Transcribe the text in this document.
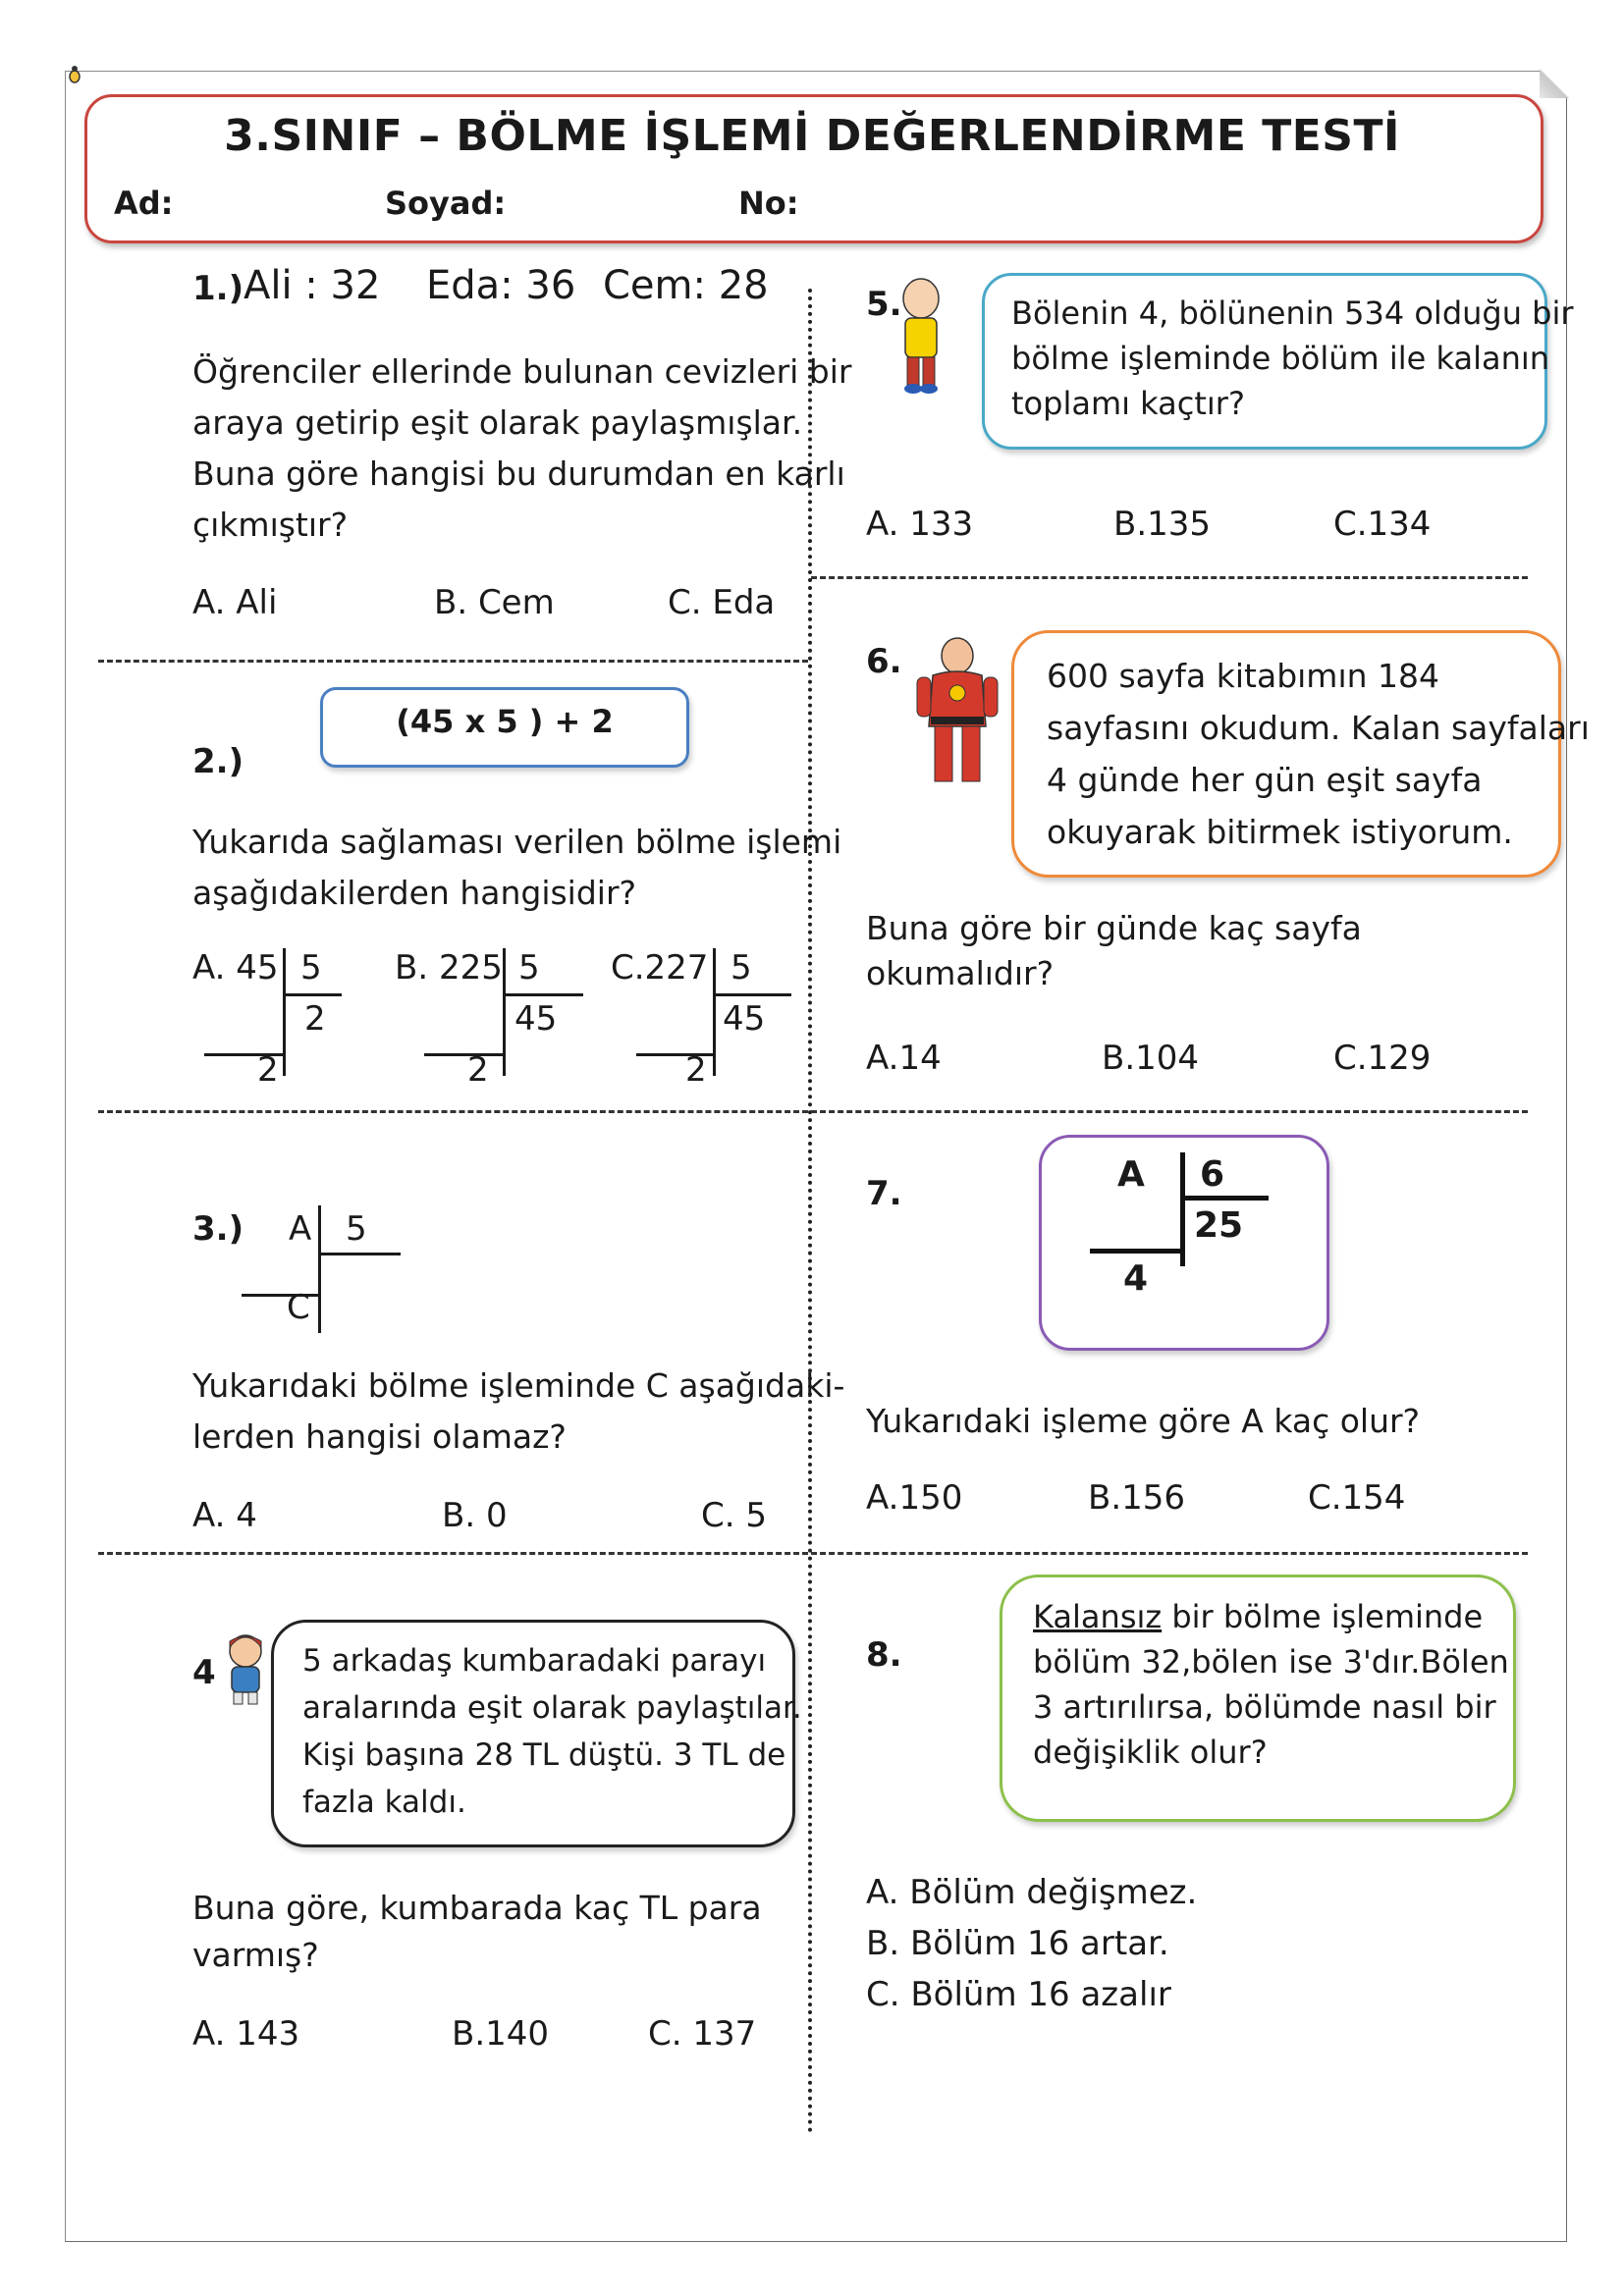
3.SINIF – BÖLME İŞLEMİ DEĞERLENDİRME TESTİ
Ad:	Soyad:	No:
1.) Ali : 32 Eda: 36 Cem: 28
Öğrenciler ellerinde bulunan cevizleri bir
araya getirip eşit olarak paylaşmışlar.
Buna göre hangisi bu durumdan en karlı
çıkmıştır?
A. Ali	B. Cem	C. Eda
2.)
(45 x 5 ) + 2
Yukarıda sağlaması verilen bölme işlemi
aşağıdakilerden hangisidir?
A. 45 5
2
2
B. 225 5
45
2
C.227 5
45
2
3.) A 5
C
Yukarıdaki bölme işleminde C aşağıdaki-
lerden hangisi olamaz?
A. 4	B. 0	C. 5
4	5 arkadaş kumbaradaki parayı
aralarında eşit olarak paylaştılar.
Kişi başına 28 TL düştü. 3 TL de
fazla kaldı.
Buna göre, kumbarada kaç TL para
varmış?
A. 143	B.140	C. 137
5.	Bölenin 4, bölünenin 534 olduğu bir
bölme işleminde bölüm ile kalanın
toplamı kaçtır?
A. 133	B.135	C.134
6.	600 sayfa kitabımın 184
sayfasını okudum. Kalan sayfaları
4 günde her gün eşit sayfa
okuyarak bitirmek istiyorum.
Buna göre bir günde kaç sayfa
okumalıdır?
A.14	B.104	C.129
7.	A 6
25
4
Yukarıdaki işleme göre A kaç olur?
A.150	B.156	C.154
8.
Kalansız bir bölme işleminde
bölüm 32,bölen ise 3'dır.Bölen
3 artırılırsa, bölümde nasıl bir
değişiklik olur?
A. Bölüm değişmez.
B. Bölüm 16 artar.
C. Bölüm 16 azalır
